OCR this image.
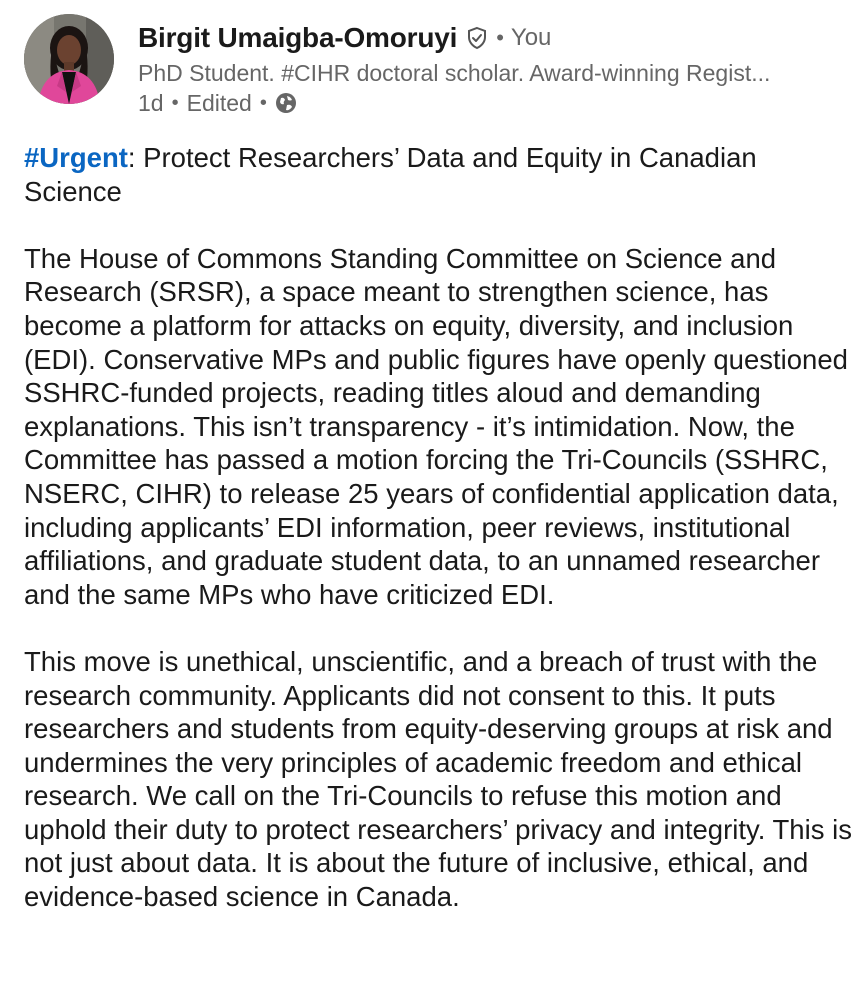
Birgit Umaigba-Omoruyi • You
PhD Student. #CIHR doctoral scholar. Award-winning Regist...
1d • Edited •

#Urgent: Protect Researchers’ Data and Equity in Canadian Science

The House of Commons Standing Committee on Science and Research (SRSR), a space meant to strengthen science, has become a platform for attacks on equity, diversity, and inclusion (EDI). Conservative MPs and public figures have openly questioned SSHRC-funded projects, reading titles aloud and demanding explanations. This isn’t transparency - it’s intimidation. Now, the Committee has passed a motion forcing the Tri-Councils (SSHRC, NSERC, CIHR) to release 25 years of confidential application data, including applicants’ EDI information, peer reviews, institutional affiliations, and graduate student data, to an unnamed researcher and the same MPs who have criticized EDI.

This move is unethical, unscientific, and a breach of trust with the research community. Applicants did not consent to this. It puts researchers and students from equity-deserving groups at risk and undermines the very principles of academic freedom and ethical research. We call on the Tri-Councils to refuse this motion and uphold their duty to protect researchers’ privacy and integrity. This is not just about data. It is about the future of inclusive, ethical, and evidence-based science in Canada.
